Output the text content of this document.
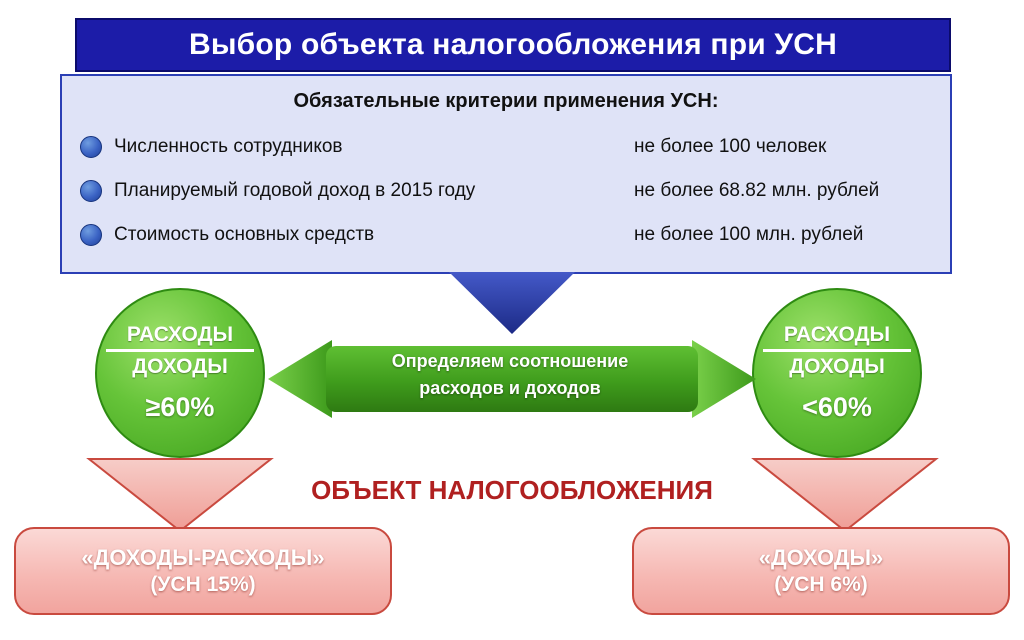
Выбор объекта налогообложения при УСН
Обязательные критерии применения УСН:
Численность сотрудников	не более 100 человек
Планируемый годовой доход в 2015 году	не более 68.82 млн. рублей
Стоимость основных средств	не более 100 млн. рублей
$\frac{\text{РАСХОДЫ}}{\text{ДОХОДЫ}}$
≥60%
$\frac{\text{РАСХОДЫ}}{\text{ДОХОДЫ}}$
<60%
Определяем соотношение
расходов и доходов
ОБЪЕКТ НАЛОГООБЛОЖЕНИЯ
«ДОХОДЫ-РАСХОДЫ»
(УСН 15%)
«ДОХОДЫ»
(УСН 6%)
